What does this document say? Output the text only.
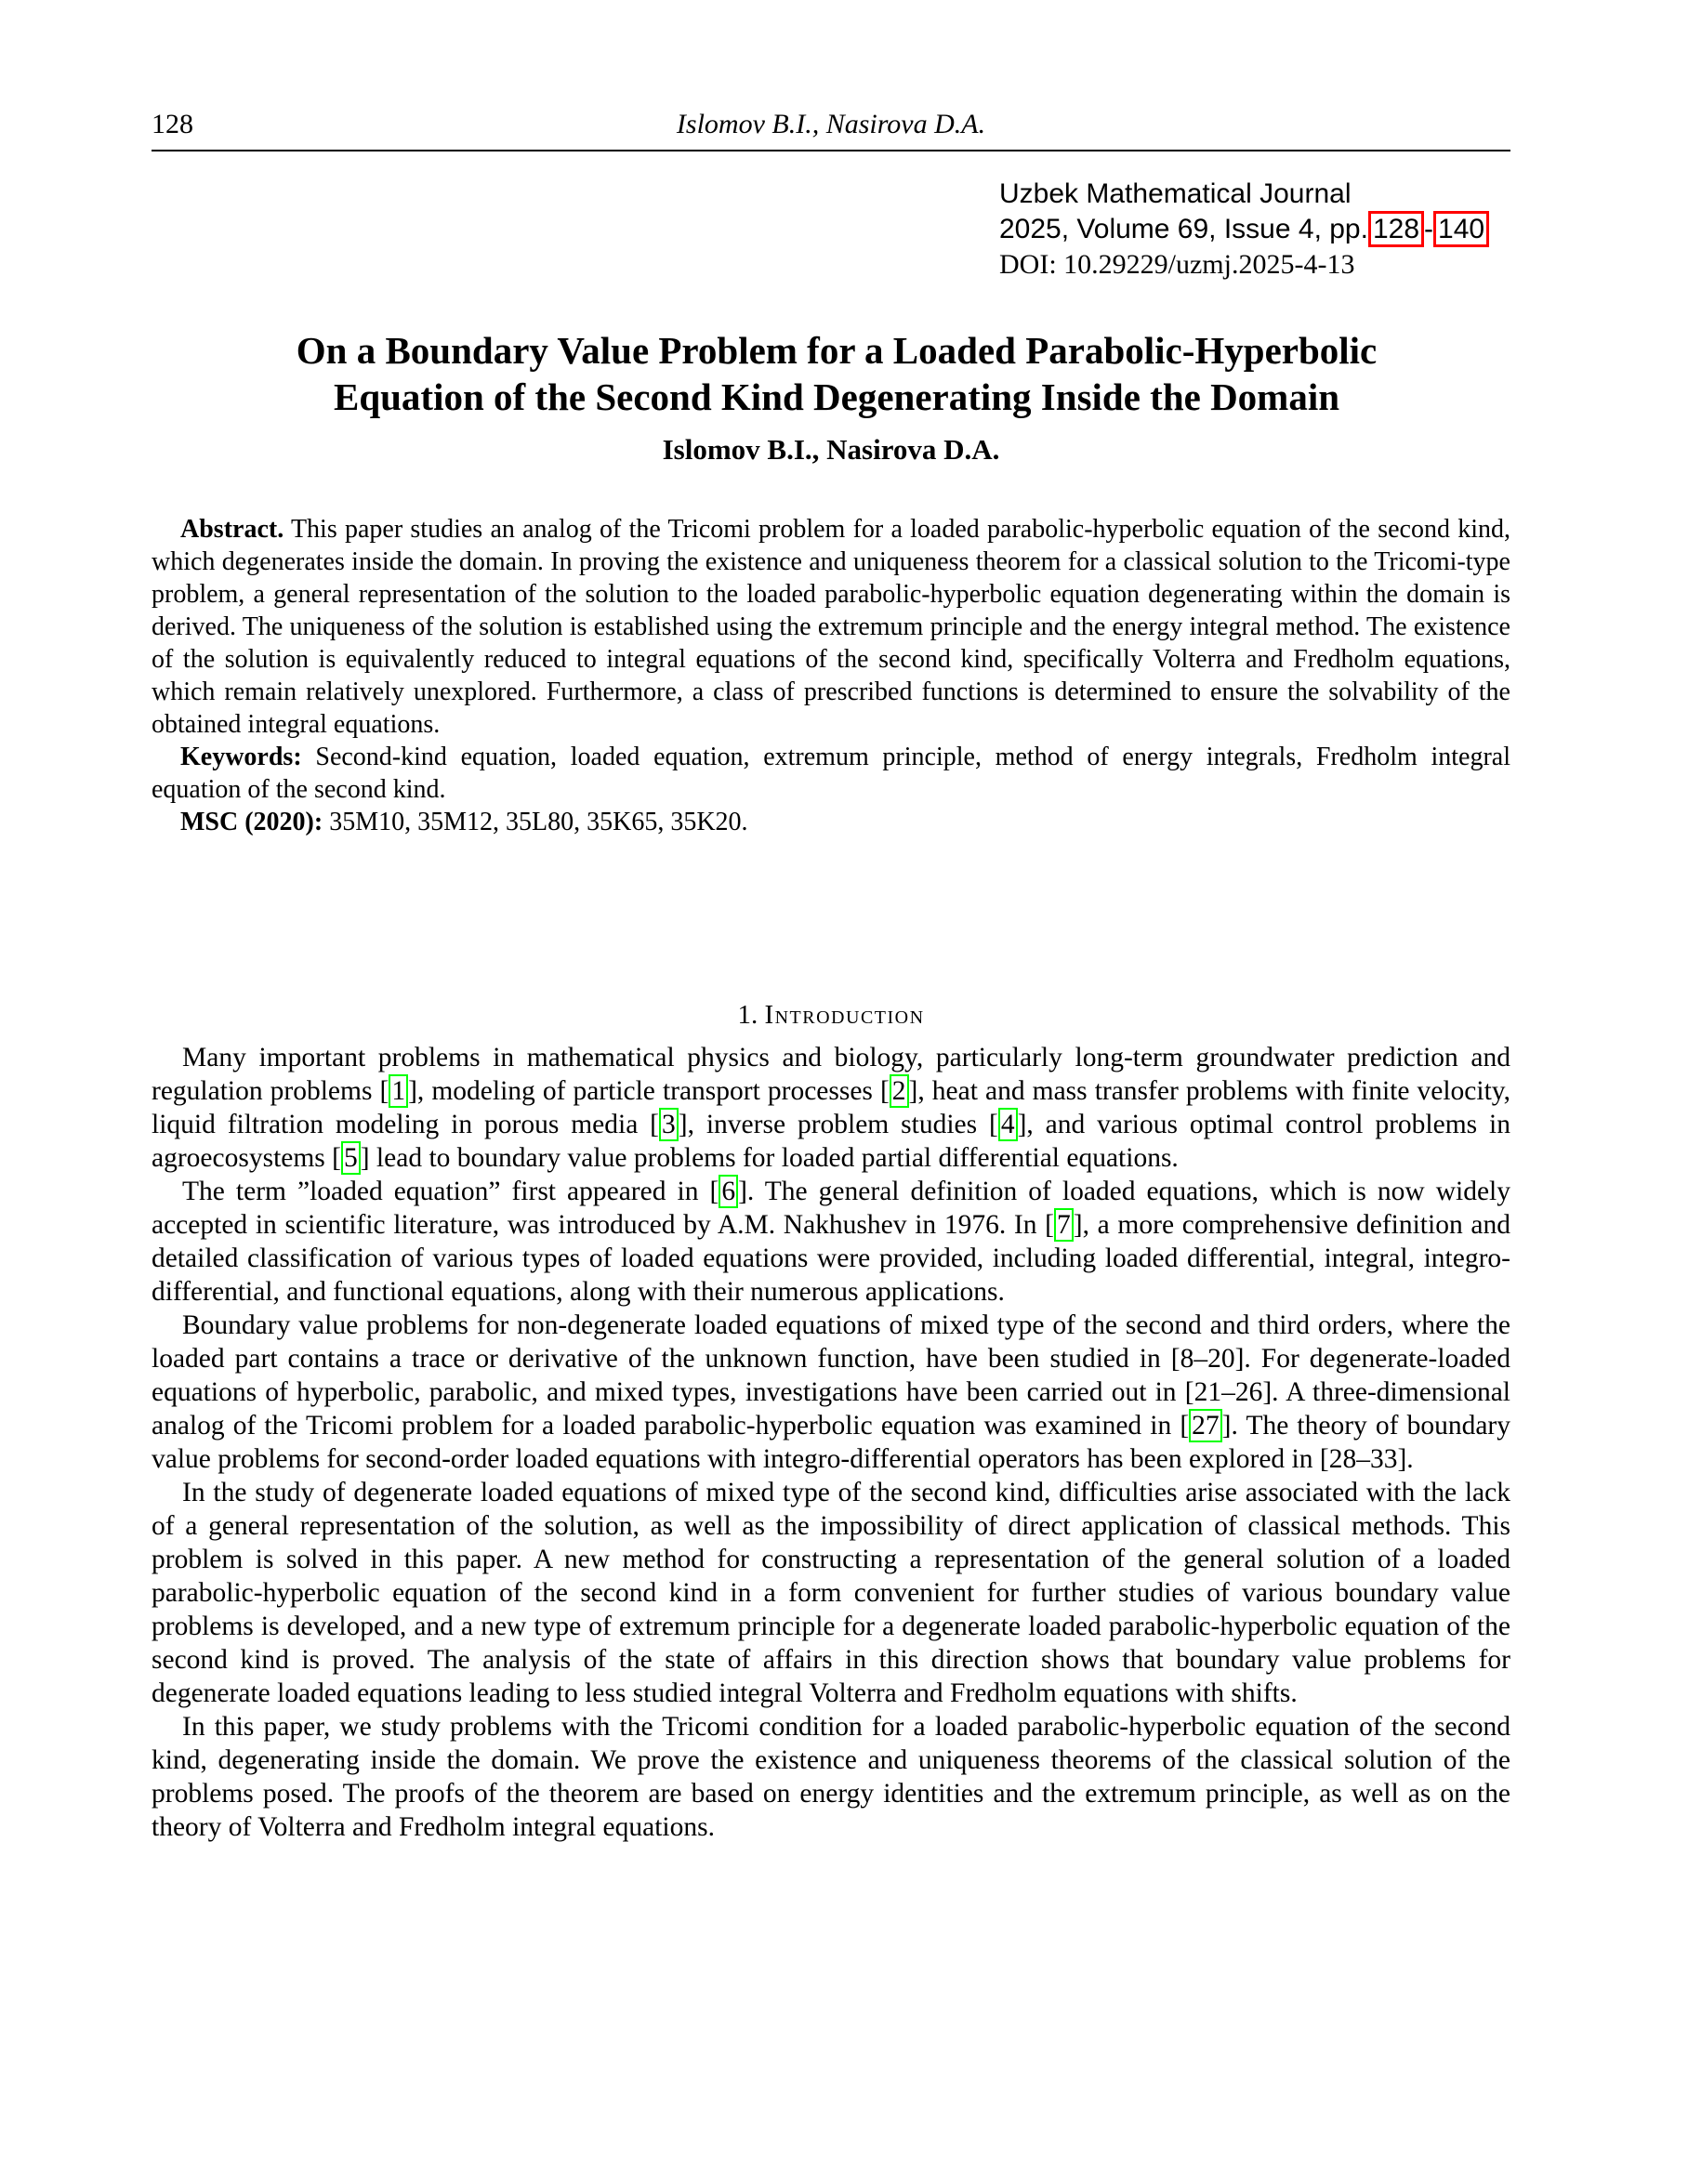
128	Islomov B.I., Nasirova D.A.
Uzbek Mathematical Journal
2025, Volume 69, Issue 4, pp. 128 - 140
DOI: 10.29229/uzmj.2025-4-13
On a Boundary Value Problem for a Loaded Parabolic-Hyperbolic
Equation of the Second Kind Degenerating Inside the Domain
Islomov B.I., Nasirova D.A.

Abstract. This paper studies an analog of the Tricomi problem for a loaded parabolic-hyperbolic equation of the second kind, which degenerates inside the domain. In proving the existence and uniqueness theorem for a classical solution to the Tricomi-type problem, a general representation of the solution to the loaded parabolic-hyperbolic equation degenerating within the domain is derived. The uniqueness of the solution is established using the extremum principle and the energy integral method. The existence of the solution is equivalently reduced to integral equations of the second kind, specifically Volterra and Fredholm equations, which remain relatively unexplored. Furthermore, a class of prescribed functions is determined to ensure the solvability of the obtained integral equations.

Keywords: Second-kind equation, loaded equation, extremum principle, method of energy integrals, Fredholm integral equation of the second kind.

MSC (2020): 35M10, 35M12, 35L80, 35K65, 35K20.

1. Introduction

Many important problems in mathematical physics and biology, particularly long-term groundwater prediction and regulation problems [ 1 ], modeling of particle transport processes [ 2 ], heat and mass transfer problems with finite velocity, liquid filtration modeling in porous media [ 3 ], inverse problem studies [ 4 ], and various optimal control problems in agroecosystems [ 5 ] lead to boundary value problems for loaded partial differential equations.

The term ”loaded equation” first appeared in [ 6 ]. The general definition of loaded equations, which is now widely accepted in scientific literature, was introduced by A.M. Nakhushev in 1976. In [ 7 ], a more comprehensive definition and detailed classification of various types of loaded equations were provided, including loaded differential, integral, integro-differential, and functional equations, along with their numerous applications.

Boundary value problems for non-degenerate loaded equations of mixed type of the second and third orders, where the loaded part contains a trace or derivative of the unknown function, have been studied in [8–20]. For degenerate-loaded equations of hyperbolic, parabolic, and mixed types, investigations have been carried out in [21–26]. A three-dimensional analog of the Tricomi problem for a loaded parabolic-hyperbolic equation was examined in [ 27 ]. The theory of boundary value problems for second-order loaded equations with integro-differential operators has been explored in [28–33].

In the study of degenerate loaded equations of mixed type of the second kind, difficulties arise associated with the lack of a general representation of the solution, as well as the impossibility of direct application of classical methods. This problem is solved in this paper. A new method for constructing a representation of the general solution of a loaded parabolic-hyperbolic equation of the second kind in a form convenient for further studies of various boundary value problems is developed, and a new type of extremum principle for a degenerate loaded parabolic-hyperbolic equation of the second kind is proved. The analysis of the state of affairs in this direction shows that boundary value problems for degenerate loaded equations leading to less studied integral Volterra and Fredholm equations with shifts.

In this paper, we study problems with the Tricomi condition for a loaded parabolic-hyperbolic equation of the second kind, degenerating inside the domain. We prove the existence and uniqueness theorems of the classical solution of the problems posed. The proofs of the theorem are based on energy identities and the extremum principle, as well as on the theory of Volterra and Fredholm integral equations.
